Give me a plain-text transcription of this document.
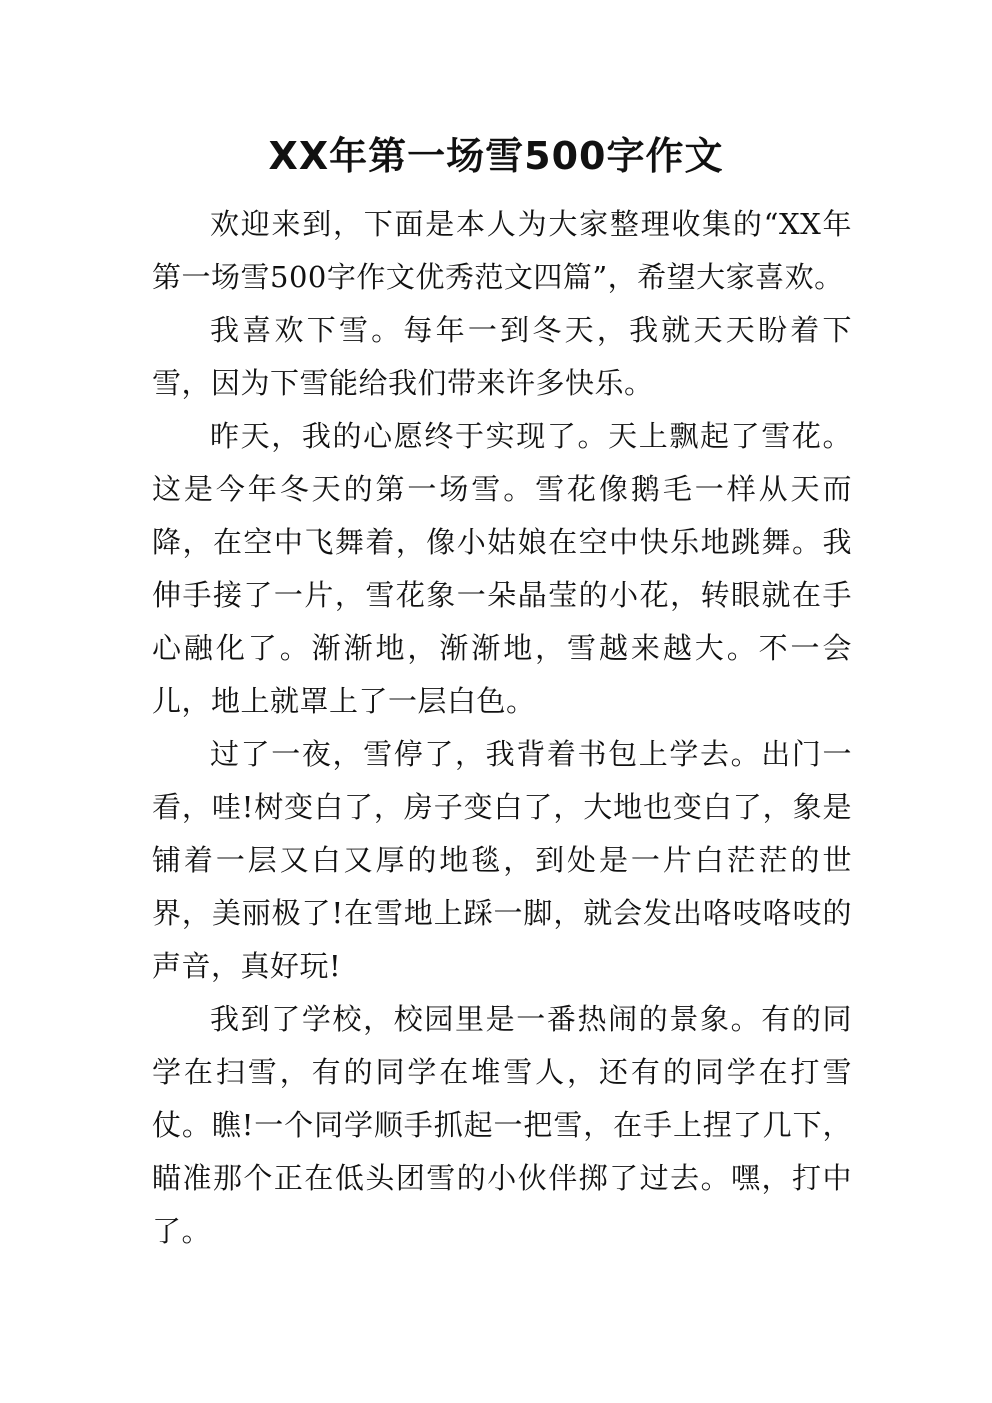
XX年第一场雪500字作文

欢迎来到，下面是本人为大家整理收集的“XX年第一场雪500字作文优秀范文四篇”，希望大家喜欢。

我喜欢下雪。每年一到冬天，我就天天盼着下雪，因为下雪能给我们带来许多快乐。

昨天，我的心愿终于实现了。天上飘起了雪花。这是今年冬天的第一场雪。雪花像鹅毛一样从天而降，在空中飞舞着，像小姑娘在空中快乐地跳舞。我伸手接了一片，雪花象一朵晶莹的小花，转眼就在手心融化了。渐渐地，渐渐地，雪越来越大。不一会儿，地上就罩上了一层白色。

过了一夜，雪停了，我背着书包上学去。出门一看，哇!树变白了，房子变白了，大地也变白了，象是铺着一层又白又厚的地毯，到处是一片白茫茫的世界，美丽极了!在雪地上踩一脚，就会发出咯吱咯吱的声音，真好玩!

我到了学校，校园里是一番热闹的景象。有的同学在扫雪，有的同学在堆雪人，还有的同学在打雪仗。瞧!一个同学顺手抓起一把雪，在手上捏了几下，瞄准那个正在低头团雪的小伙伴掷了过去。嘿，打中了。
